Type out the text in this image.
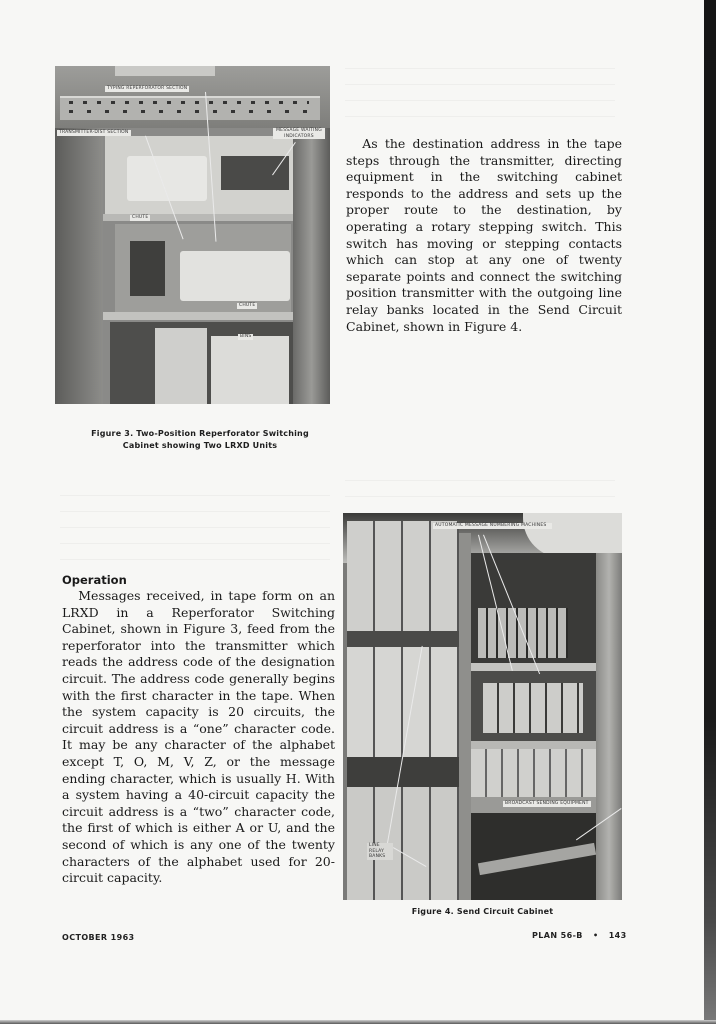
TYPING REPERFORATOR SECTION
TRANSMITTER-DIST SECTION	MESSAGE WAITING INDICATORS
CHUTE
CHUTE
BINS
Figure 3. Two-Position Reperforator Switching
Cabinet showing Two LRXD Units

As the destination address in the tape steps through the transmitter, directing equipment in the switching cabinet responds to the address and sets up the proper route to the destination, by operating a rotary stepping switch. This switch has moving or stepping contacts which can stop at any one of twenty separate points and connect the switching position transmitter with the outgoing line relay banks located in the Send Circuit Cabinet, shown in Figure 4.

AUTOMATIC MESSAGE NUMBERING MACHINES
BROADCAST SENDING EQUIPMENT
LINE RELAY BANKS
Figure 4. Send Circuit Cabinet
Operation

Messages received, in tape form on an LRXD in a Reperforator Switching Cabinet, shown in Figure 3, feed from the reperforator into the transmitter which reads the address code of the designation circuit. The address code generally begins with the first character in the tape. When the system capacity is 20 circuits, the circuit address is a “one” character code. It may be any character of the alphabet except T, O, M, V, Z, or the message ending character, which is usually H. With a system having a 40-circuit capacity the circuit address is a “two” character code, the first of which is either A or U, and the second of which is any one of the twenty characters of the alphabet used for 20-circuit capacity.

OCTOBER 1963	PLAN 56-B • 143
